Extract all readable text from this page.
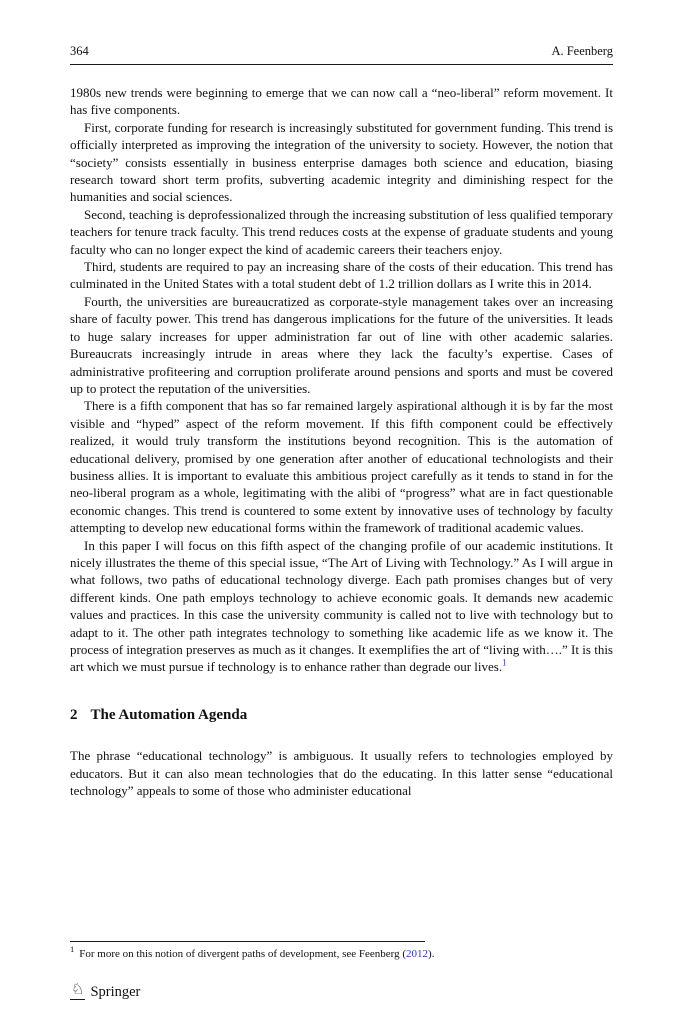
364	A. Feenberg

1980s new trends were beginning to emerge that we can now call a “neo-liberal” reform movement. It has five components.

First, corporate funding for research is increasingly substituted for government funding. This trend is officially interpreted as improving the integration of the university to society. However, the notion that “society” consists essentially in business enterprise damages both science and education, biasing research toward short term profits, subverting academic integrity and diminishing respect for the humanities and social sciences.

Second, teaching is deprofessionalized through the increasing substitution of less qualified temporary teachers for tenure track faculty. This trend reduces costs at the expense of graduate students and young faculty who can no longer expect the kind of academic careers their teachers enjoy.

Third, students are required to pay an increasing share of the costs of their education. This trend has culminated in the United States with a total student debt of 1.2 trillion dollars as I write this in 2014.

Fourth, the universities are bureaucratized as corporate-style management takes over an increasing share of faculty power. This trend has dangerous implications for the future of the universities. It leads to huge salary increases for upper administration far out of line with other academic salaries. Bureaucrats increasingly intrude in areas where they lack the faculty’s expertise. Cases of administrative profiteering and corruption proliferate around pensions and sports and must be covered up to protect the reputation of the universities.

There is a fifth component that has so far remained largely aspirational although it is by far the most visible and “hyped” aspect of the reform movement. If this fifth component could be effectively realized, it would truly transform the institutions beyond recognition. This is the automation of educational delivery, promised by one generation after another of educational technologists and their business allies. It is important to evaluate this ambitious project carefully as it tends to stand in for the neo-liberal program as a whole, legitimating with the alibi of “progress” what are in fact questionable economic changes. This trend is countered to some extent by innovative uses of technology by faculty attempting to develop new educational forms within the framework of traditional academic values.

In this paper I will focus on this fifth aspect of the changing profile of our academic institutions. It nicely illustrates the theme of this special issue, “The Art of Living with Technology.” As I will argue in what follows, two paths of educational technology diverge. Each path promises changes but of very different kinds. One path employs technology to achieve economic goals. It demands new academic values and practices. In this case the university community is called not to live with technology but to adapt to it. The other path integrates technology to something like academic life as we know it. The process of integration preserves as much as it changes. It exemplifies the art of “living with….” It is this art which we must pursue if technology is to enhance rather than degrade our lives.$^1$

2 The Automation Agenda

The phrase “educational technology” is ambiguous. It usually refers to technologies employed by educators. But it can also mean technologies that do the educating. In this latter sense “educational technology” appeals to some of those who administer educational

$^1$ For more on this notion of divergent paths of development, see Feenberg (2012).
♘ Springer
